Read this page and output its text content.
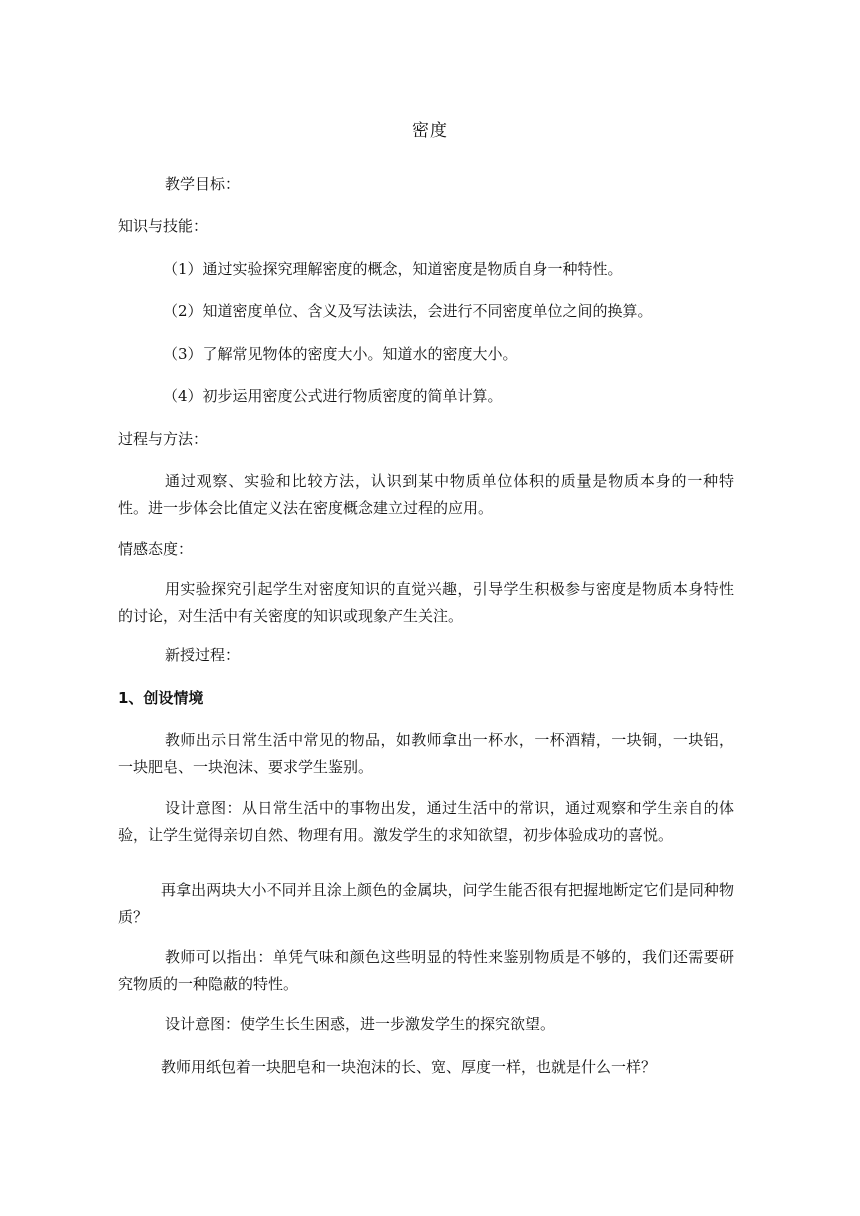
密度
教学目标：
知识与技能：
（1）通过实验探究理解密度的概念，知道密度是物质自身一种特性。
（2）知道密度单位、含义及写法读法，会进行不同密度单位之间的换算。
（3）了解常见物体的密度大小。知道水的密度大小。
（4）初步运用密度公式进行物质密度的简单计算。
过程与方法：
通过观察、实验和比较方法，认识到某中物质单位体积的质量是物质本身的一种特性。进一步体会比值定义法在密度概念建立过程的应用。
情感态度：
用实验探究引起学生对密度知识的直觉兴趣，引导学生积极参与密度是物质本身特性的讨论，对生活中有关密度的知识或现象产生关注。
新授过程：
1、创设情境
教师出示日常生活中常见的物品，如教师拿出一杯水，一杯酒精，一块铜，一块铝，一块肥皂、一块泡沫、要求学生鉴别。
设计意图：从日常生活中的事物出发，通过生活中的常识，通过观察和学生亲自的体验，让学生觉得亲切自然、物理有用。激发学生的求知欲望，初步体验成功的喜悦。
再拿出两块大小不同并且涂上颜色的金属块，问学生能否很有把握地断定它们是同种物质？
教师可以指出：单凭气味和颜色这些明显的特性来鉴别物质是不够的，我们还需要研究物质的一种隐蔽的特性。
设计意图：使学生长生困惑，进一步激发学生的探究欲望。
教师用纸包着一块肥皂和一块泡沫的长、宽、厚度一样，也就是什么一样？
